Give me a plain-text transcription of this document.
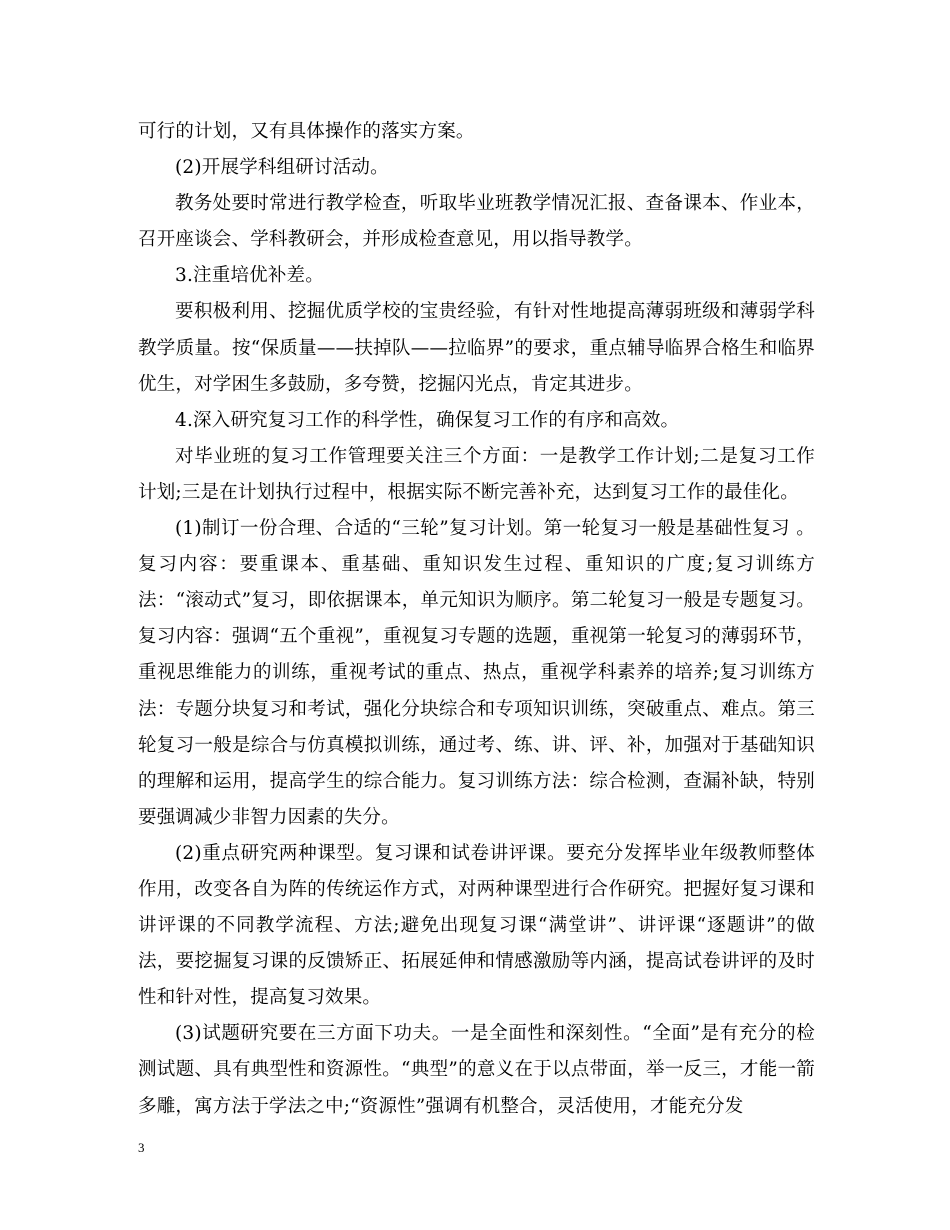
可行的计划，又有具体操作的落实方案。

(2)开展学科组研讨活动。

教务处要时常进行教学检查，听取毕业班教学情况汇报、查备课本、作业本，召开座谈会、学科教研会，并形成检查意见，用以指导教学。

3.注重培优补差。

要积极利用、挖掘优质学校的宝贵经验，有针对性地提高薄弱班级和薄弱学科教学质量。按“保质量——扶掉队——拉临界”的要求，重点辅导临界合格生和临界优生，对学困生多鼓励，多夸赞，挖掘闪光点，肯定其进步。

4.深入研究复习工作的科学性，确保复习工作的有序和高效。

对毕业班的复习工作管理要关注三个方面：一是教学工作计划;二是复习工作计划;三是在计划执行过程中，根据实际不断完善补充，达到复习工作的最佳化。

(1)制订一份合理、合适的“三轮”复习计划。第一轮复习一般是基础性复习 。复习内容：要重课本、重基础、重知识发生过程、重知识的广度;复习训练方法：“滚动式”复习，即依据课本，单元知识为顺序。第二轮复习一般是专题复习。复习内容：强调“五个重视”，重视复习专题的选题，重视第一轮复习的薄弱环节，重视思维能力的训练，重视考试的重点、热点，重视学科素养的培养;复习训练方法：专题分块复习和考试，强化分块综合和专项知识训练，突破重点、难点。第三轮复习一般是综合与仿真模拟训练，通过考、练、讲、评、补，加强对于基础知识的理解和运用，提高学生的综合能力。复习训练方法：综合检测，查漏补缺，特别要强调减少非智力因素的失分。

(2)重点研究两种课型。复习课和试卷讲评课。要充分发挥毕业年级教师整体作用，改变各自为阵的传统运作方式，对两种课型进行合作研究。把握好复习课和讲评课的不同教学流程、方法;避免出现复习课“满堂讲”、讲评课“逐题讲”的做法，要挖掘复习课的反馈矫正、拓展延伸和情感激励等内涵，提高试卷讲评的及时性和针对性，提高复习效果。

(3)试题研究要在三方面下功夫。一是全面性和深刻性。“全面”是有充分的检测试题、具有典型性和资源性。“典型”的意义在于以点带面，举一反三，才能一箭多雕，寓方法于学法之中;“资源性”强调有机整合，灵活使用，才能充分发

3
